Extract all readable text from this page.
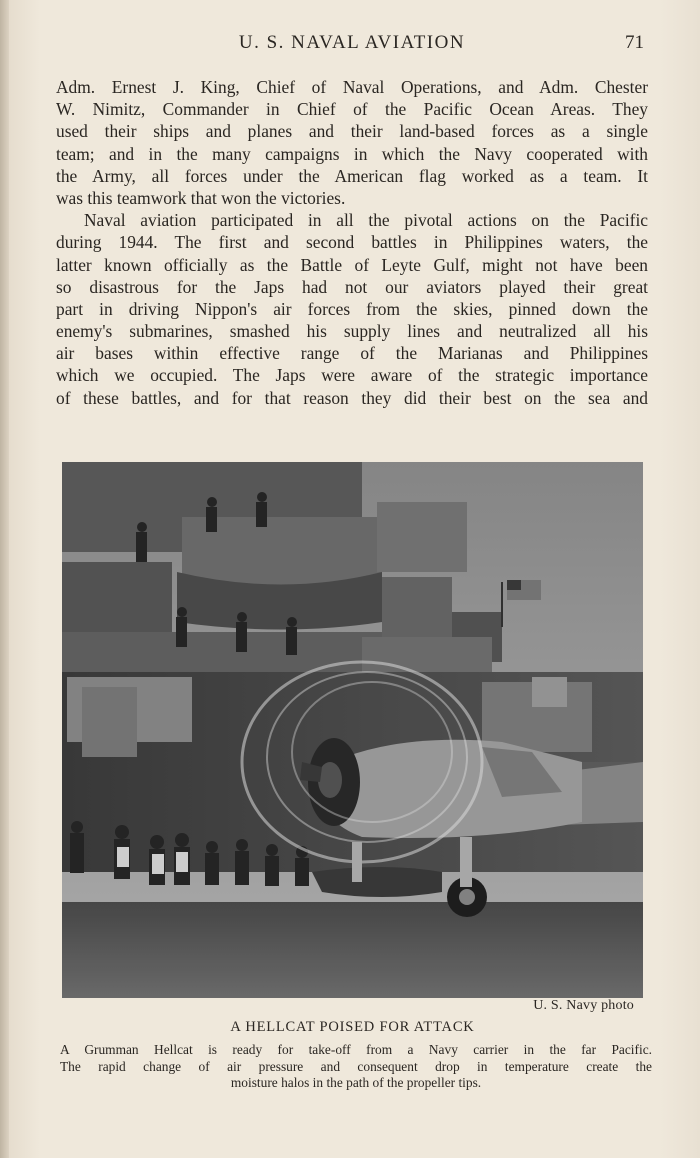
U. S. NAVAL AVIATION	71
Adm. Ernest J. King, Chief of Naval Operations, and Adm. Chester
W. Nimitz, Commander in Chief of the Pacific Ocean Areas. They
used their ships and planes and their land-based forces as a single
team; and in the many campaigns in which the Navy cooperated with
the Army, all forces under the American flag worked as a team. It
was this teamwork that won the victories.
Naval aviation participated in all the pivotal actions on the Pacific
during 1944. The first and second battles in Philippines waters, the
latter known officially as the Battle of Leyte Gulf, might not have been
so disastrous for the Japs had not our aviators played their great
part in driving Nippon's air forces from the skies, pinned down the
enemy's submarines, smashed his supply lines and neutralized all his
air bases within effective range of the Marianas and Philippines
which we occupied. The Japs were aware of the strategic importance
of these battles, and for that reason they did their best on the sea and
U. S. Navy photo
A HELLCAT POISED FOR ATTACK
A Grumman Hellcat is ready for take-off from a Navy carrier in the far Pacific.
The rapid change of air pressure and consequent drop in temperature create the
moisture halos in the path of the propeller tips.
